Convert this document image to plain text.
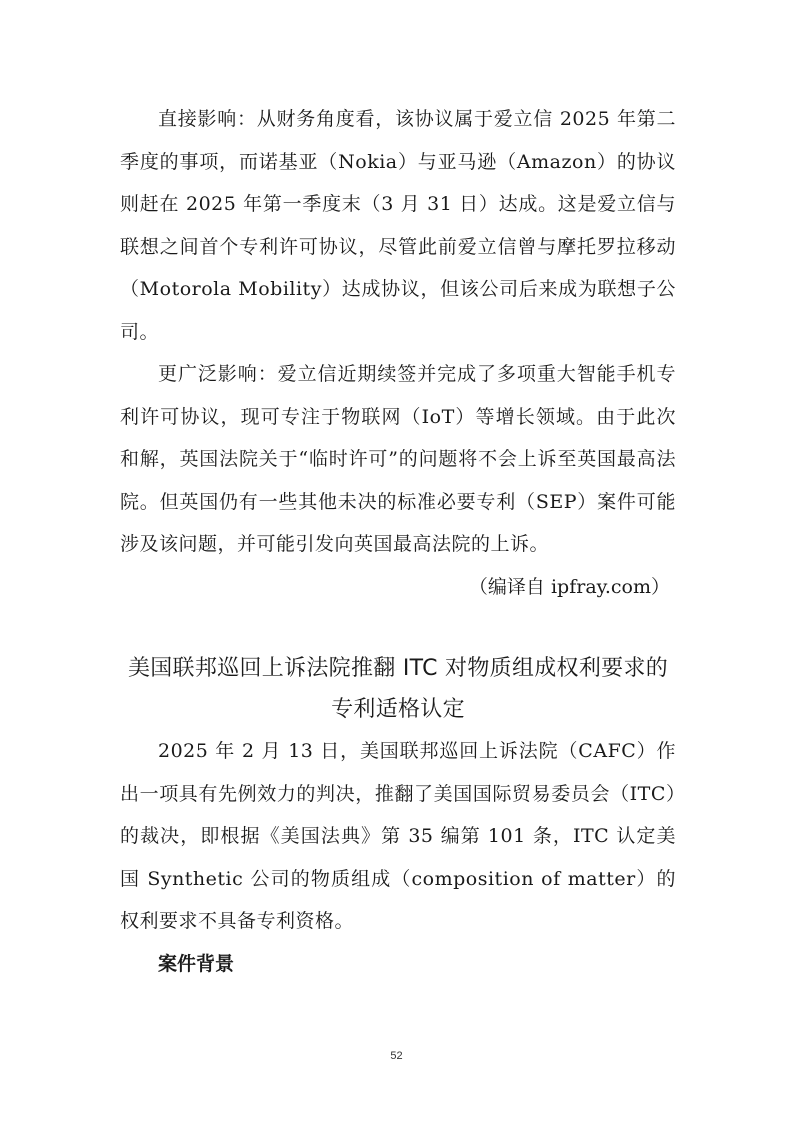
直接影响：从财务角度看，该协议属于爱立信 2025 年第二季度的事项，而诺基亚（Nokia）与亚马逊（Amazon）的协议则赶在 2025 年第一季度末（3 月 31 日）达成。这是爱立信与联想之间首个专利许可协议，尽管此前爱立信曾与摩托罗拉移动（Motorola Mobility）达成协议，但该公司后来成为联想子公司。

更广泛影响：爱立信近期续签并完成了多项重大智能手机专利许可协议，现可专注于物联网（IoT）等增长领域。由于此次和解，英国法院关于“临时许可”的问题将不会上诉至英国最高法院。但英国仍有一些其他未决的标准必要专利（SEP）案件可能涉及该问题，并可能引发向英国最高法院的上诉。

（编译自 ipfray.com）

美国联邦巡回上诉法院推翻 ITC 对物质组成权利要求的专利适格认定

2025 年 2 月 13 日，美国联邦巡回上诉法院（CAFC）作出一项具有先例效力的判决，推翻了美国国际贸易委员会（ITC）的裁决，即根据《美国法典》第 35 编第 101 条，ITC 认定美国 Synthetic 公司的物质组成（composition of matter）的权利要求不具备专利资格。

案件背景

52
